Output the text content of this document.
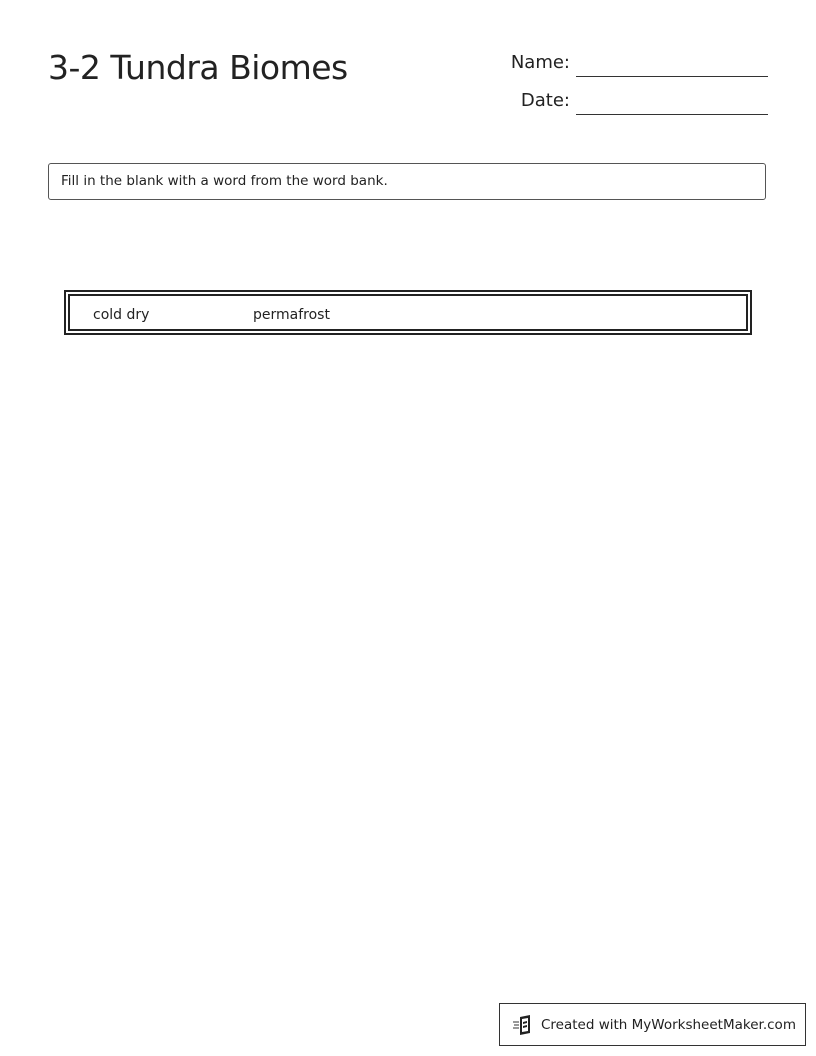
3-2 Tundra Biomes	Name:
Date:
Fill in the blank with a word from the word bank.
cold dry	permafrost
Created with MyWorksheetMaker.com
